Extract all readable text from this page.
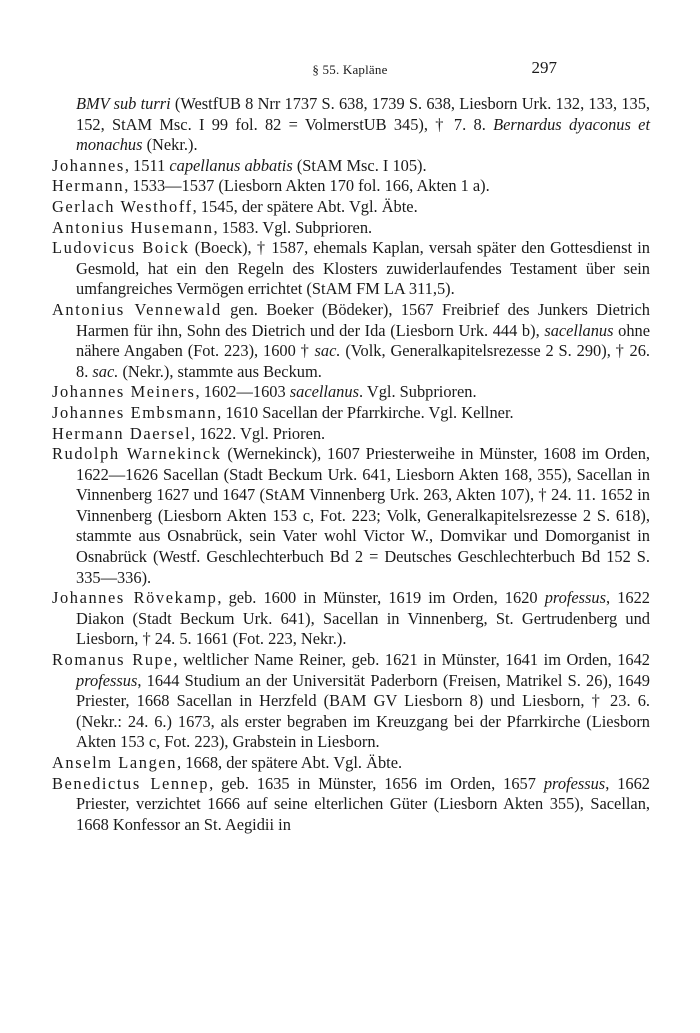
§ 55. Kapläne	297

BMV sub turri (WestfUB 8 Nrr 1737 S. 638, 1739 S. 638, Liesborn Urk. 132, 133, 135, 152, StAM Msc. I 99 fol. 82 = VolmerstUB 345), † 7. 8. Bernardus dyaconus et monachus (Nekr.).

Johannes, 1511 capellanus abbatis (StAM Msc. I 105).

Hermann, 1533—1537 (Liesborn Akten 170 fol. 166, Akten 1 a).

Gerlach Westhoff, 1545, der spätere Abt. Vgl. Äbte.

Antonius Husemann, 1583. Vgl. Subprioren.

Ludovicus Boick (Boeck), † 1587, ehemals Kaplan, versah später den Gottesdienst in Gesmold, hat ein den Regeln des Klosters zuwiderlaufendes Testament über sein umfangreiches Vermögen errichtet (StAM FM LA 311,5).

Antonius Vennewald gen. Boeker (Bödeker), 1567 Freibrief des Junkers Dietrich Harmen für ihn, Sohn des Dietrich und der Ida (Liesborn Urk. 444 b), sacellanus ohne nähere Angaben (Fot. 223), 1600 † sac. (Volk, Generalkapitelsrezesse 2 S. 290), † 26. 8. sac. (Nekr.), stammte aus Beckum.

Johannes Meiners, 1602—1603 sacellanus. Vgl. Subprioren.

Johannes Embsmann, 1610 Sacellan der Pfarrkirche. Vgl. Kellner.

Hermann Daersel, 1622. Vgl. Prioren.

Rudolph Warnekinck (Wernekinck), 1607 Priesterweihe in Münster, 1608 im Orden, 1622—1626 Sacellan (Stadt Beckum Urk. 641, Liesborn Akten 168, 355), Sacellan in Vinnenberg 1627 und 1647 (StAM Vinnenberg Urk. 263, Akten 107), † 24. 11. 1652 in Vinnenberg (Liesborn Akten 153 c, Fot. 223; Volk, Generalkapitelsrezesse 2 S. 618), stammte aus Osnabrück, sein Vater wohl Victor W., Domvikar und Domorganist in Osnabrück (Westf. Geschlechterbuch Bd 2 = Deutsches Geschlechterbuch Bd 152 S. 335—336).

Johannes Rövekamp, geb. 1600 in Münster, 1619 im Orden, 1620 professus, 1622 Diakon (Stadt Beckum Urk. 641), Sacellan in Vinnenberg, St. Gertrudenberg und Liesborn, † 24. 5. 1661 (Fot. 223, Nekr.).

Romanus Rupe, weltlicher Name Reiner, geb. 1621 in Münster, 1641 im Orden, 1642 professus, 1644 Studium an der Universität Paderborn (Freisen, Matrikel S. 26), 1649 Priester, 1668 Sacellan in Herzfeld (BAM GV Liesborn 8) und Liesborn, † 23. 6. (Nekr.: 24. 6.) 1673, als erster begraben im Kreuzgang bei der Pfarrkirche (Liesborn Akten 153 c, Fot. 223), Grabstein in Liesborn.

Anselm Langen, 1668, der spätere Abt. Vgl. Äbte.

Benedictus Lennep, geb. 1635 in Münster, 1656 im Orden, 1657 professus, 1662 Priester, verzichtet 1666 auf seine elterlichen Güter (Liesborn Akten 355), Sacellan, 1668 Konfessor an St. Aegidii in
